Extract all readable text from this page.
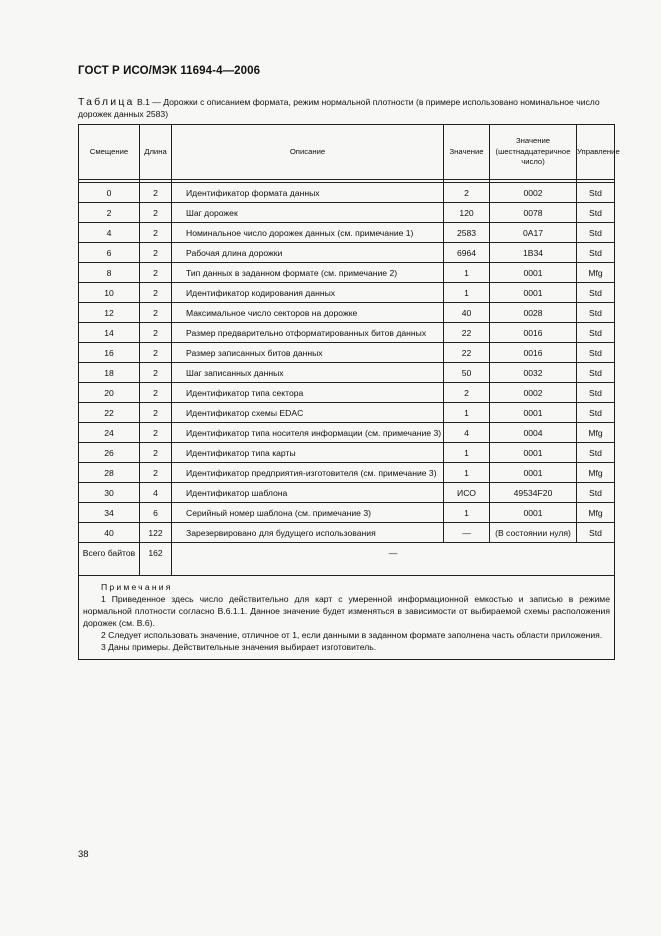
ГОСТ Р ИСО/МЭК 11694-4—2006
Таблица В.1 — Дорожки с описанием формата, режим нормальной плотности (в примере использовано номинальное число дорожек данных 2583)
Смещение	Длина	Описание	Значение	Значение (шестнадцатеричное число)	Управление

0	2	Идентификатор формата данных	2	0002	Std
2	2	Шаг дорожек	120	0078	Std
4	2	Номинальное число дорожек данных (см. примечание 1)	2583	0A17	Std
6	2	Рабочая длина дорожки	6964	1B34	Std
8	2	Тип данных в заданном формате (см. примечание 2)	1	0001	Mfg
10	2	Идентификатор кодирования данных	1	0001	Std
12	2	Максимальное число секторов на дорожке	40	0028	Std
14	2	Размер предварительно отформатированных битов данных	22	0016	Std
16	2	Размер записанных битов данных	22	0016	Std
18	2	Шаг записанных данных	50	0032	Std
20	2	Идентификатор типа сектора	2	0002	Std
22	2	Идентификатор схемы EDAC	1	0001	Std
24	2	Идентификатор типа носителя информации (см. примечание 3)	4	0004	Mfg
26	2	Идентификатор типа карты	1	0001	Std
28	2	Идентификатор предприятия-изготовителя (см. примечание 3)	1	0001	Mfg
30	4	Идентификатор шаблона	ИСО	49534F20	Std
34	6	Серийный номер шаблона (см. примечание 3)	1	0001	Mfg
40	122	Зарезервировано для будущего использования	—	(В состоянии нуля)	Std
Всего байтов	162	—			

Примечания
1 Приведенное здесь число действительно для карт с умеренной информационной емкостью и записью в режиме нормальной плотности согласно В.6.1.1. Данное значение будет изменяться в зависимости от выбираемой схемы расположения дорожек (см. В.6).
2 Следует использовать значение, отличное от 1, если данными в заданном формате заполнена часть области приложения.
3 Даны примеры. Действительные значения выбирает изготовитель.					
38
